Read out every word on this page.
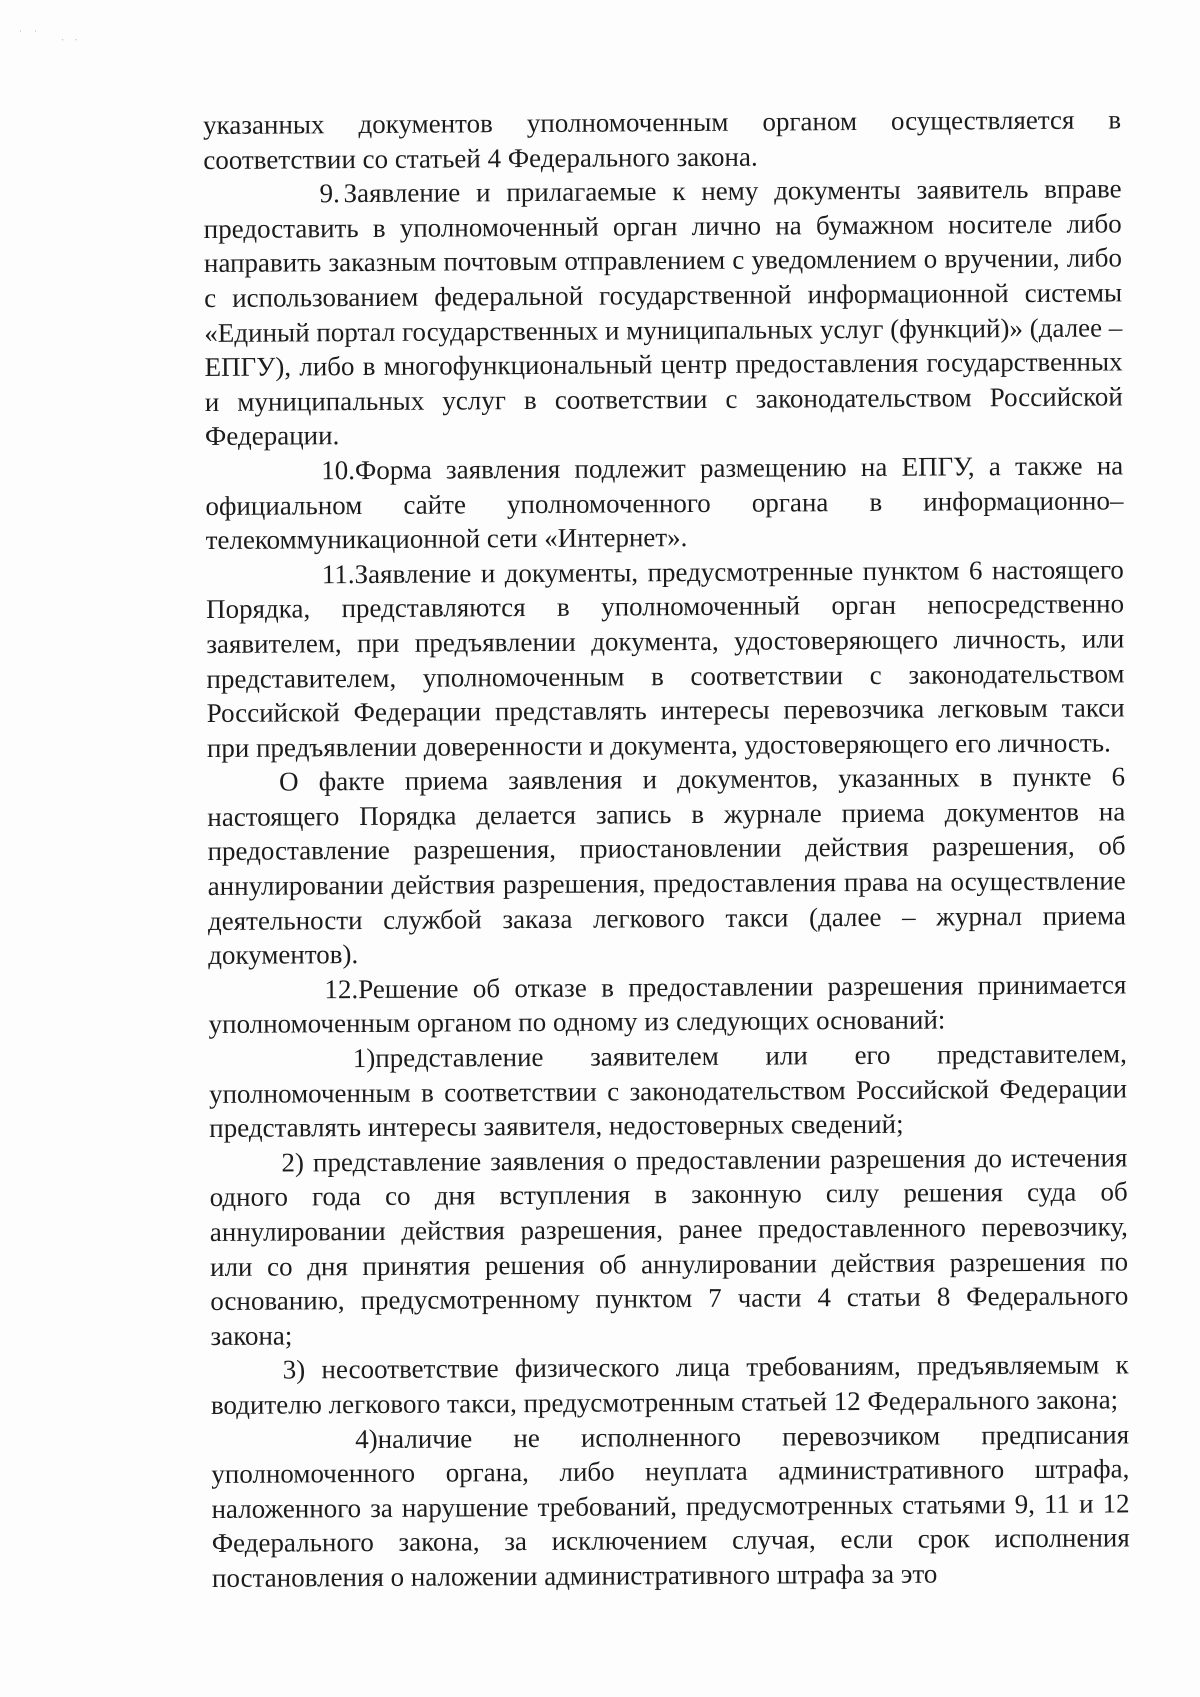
˙˙ ˏˏ

указанных документов уполномоченным органом осуществляется в соответствии со статьей 4 Федерального закона.

9. Заявление и прилагаемые к нему документы заявитель вправе предоставить в уполномоченный орган лично на бумажном носителе либо направить заказным почтовым отправлением с уведомлением о вручении, либо с использованием федеральной государственной информационной системы «Единый портал государственных и муниципальных услуг (функций)» (далее – ЕПГУ), либо в многофункциональный центр предоставления государственных и муниципальных услуг в соответствии с законодательством Российской Федерации.

10.Форма заявления подлежит размещению на ЕПГУ, а также на официальном сайте уполномоченного органа в информационно–телекоммуникационной сети «Интернет».

11.Заявление и документы, предусмотренные пунктом 6 настоящего Порядка, представляются в уполномоченный орган непосредственно заявителем, при предъявлении документа, удостоверяющего личность, или представителем, уполномоченным в соответствии с законодательством Российской Федерации представлять интересы перевозчика легковым такси при предъявлении доверенности и документа, удостоверяющего его личность.

О факте приема заявления и документов, указанных в пункте 6 настоящего Порядка делается запись в журнале приема документов на предоставление разрешения, приостановлении действия разрешения, об аннулировании действия разрешения, предоставления права на осуществление деятельности службой заказа легкового такси (далее – журнал приема документов).

12.Решение об отказе в предоставлении разрешения принимается уполномоченным органом по одному из следующих оснований:

1)представление заявителем или его представителем, уполномоченным в соответствии с законодательством Российской Федерации представлять интересы заявителя, недостоверных сведений;

2) представление заявления о предоставлении разрешения до истечения одного года со дня вступления в законную силу решения суда об аннулировании действия разрешения, ранее предоставленного перевозчику, или со дня принятия решения об аннулировании действия разрешения по основанию, предусмотренному пунктом 7 части 4 статьи 8 Федерального закона;

3) несоответствие физического лица требованиям, предъявляемым к водителю легкового такси, предусмотренным статьей 12 Федерального закона;

4)наличие не исполненного перевозчиком предписания уполномоченного органа, либо неуплата административного штрафа, наложенного за нарушение требований, предусмотренных статьями 9, 11 и 12 Федерального закона, за исключением случая, если срок исполнения постановления о наложении административного штрафа за это
